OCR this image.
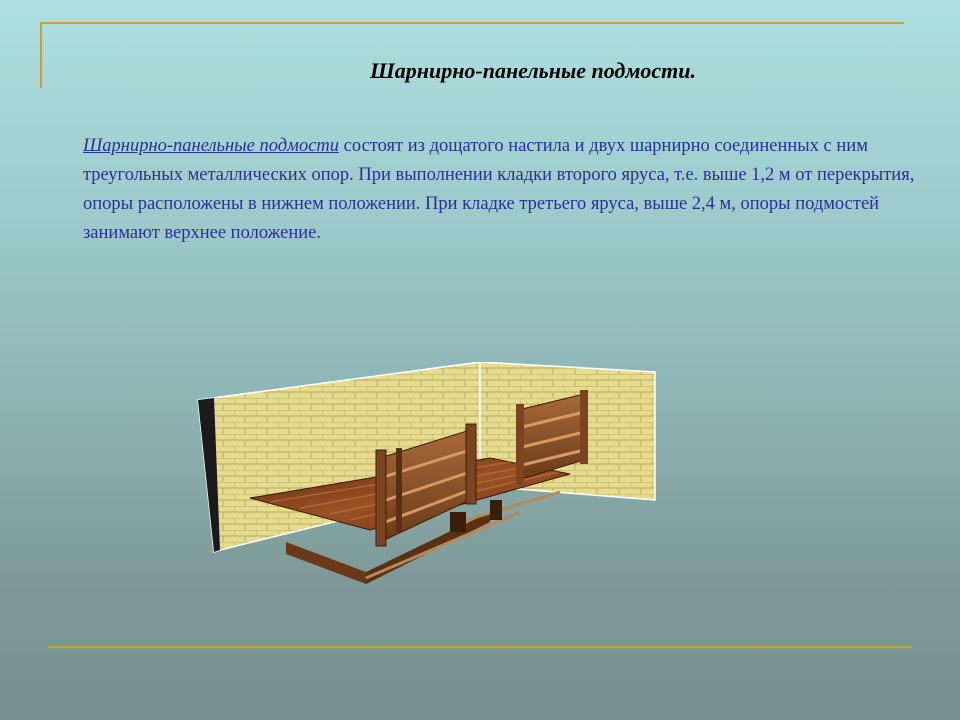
Шарнирно-панельные подмости.
Шарнирно-панельные подмости состоят из дощатого настила и двух шарнирно соединенных с ним треугольных металлических опор. При выполнении кладки второго яруса, т.е. выше 1,2 м от перекрытия, опоры расположены в нижнем положении. При кладке третьего яруса, выше 2,4 м, опоры подмостей занимают верхнее положение.
